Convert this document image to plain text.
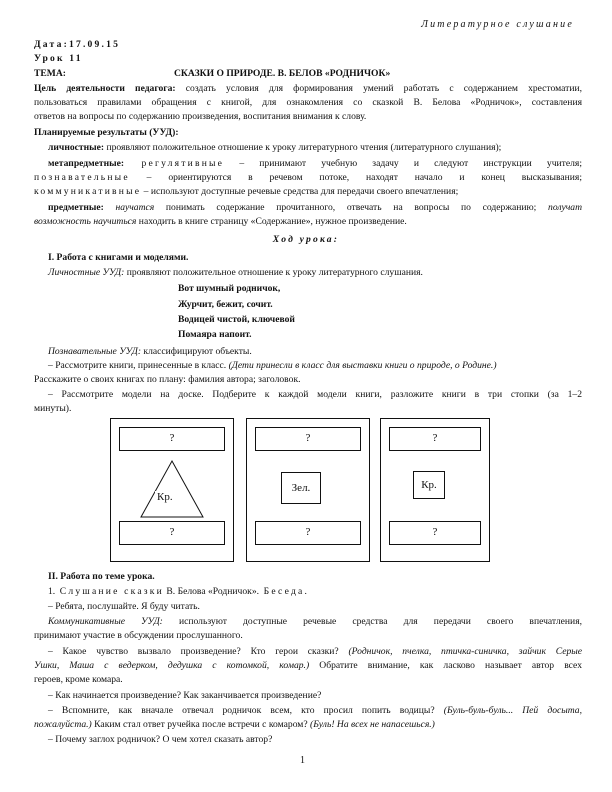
Литературное слушание
Дата:17.09.15
Урок 11
ТЕМА:	СКАЗКИ О ПРИРОДЕ. В. БЕЛОВ «РОДНИЧОК»
Цель деятельности педагога: создать условия для формирования умений работать с содержанием хрестоматии,
пользоваться правилами обращения с книгой, для ознакомления со сказкой В. Белова «Родничок», составления
ответов на вопросы по содержанию произведения, воспитания внимания к слову.
Планируемые результаты (УУД):
личностные: проявляют положительное отношение к уроку литературного чтения (литературного слушания);
метапредметные: регулятивные – принимают учебную задачу и следуют инструкции учителя;
познавательные – ориентируются в речевом потоке, находят начало и конец высказывания;
коммуникативные – используют доступные речевые средства для передачи своего впечатления;
предметные: научатся понимать содержание прочитанного, отвечать на вопросы по содержанию; получат
возможность научиться находить в книге страницу «Содержание», нужное произведение.
Ход урока:
I. Работа с книгами и моделями.
Личностные УУД: проявляют положительное отношение к уроку литературного слушания.
Вот шумный родничок,
Журчит, бежит, сочит.
Водицей чистой, ключевой
Помаяра напоит.
Познавательные УУД: классифицируют объекты.
– Рассмотрите книги, принесенные в класс. (Дети принесли в класс для выставки книги о природе, о Родине.)
Расскажите о своих книгах по плану: фамилия автора; заголовок.
– Рассмотрите модели на доске. Подберите к каждой модели книги, разложите книги в три стопки (за 1–2
минуты).
?
Кр.
?
?
Зел.
?
?
Кр.
?
II. Работа по теме урока.
1. Слушание сказки В. Белова «Родничок». Беседа.
– Ребята, послушайте. Я буду читать.
Коммуникативные УУД: используют доступные речевые средства для передачи своего впечатления,
принимают участие в обсуждении прослушанного.
– Какое чувство вызвало произведение? Кто герои сказки? (Родничок, пчелка, птичка-синичка, зайчик Серые
Ушки, Маша с ведерком, дедушка с котомкой, комар.) Обратите внимание, как ласково называет автор всех
героев, кроме комара.
– Как начинается произведение? Как заканчивается произведение?
– Вспомните, как вначале отвечал родничок всем, кто просил попить водицы? (Буль-буль-буль... Пей досыта,
пожалуйста.) Каким стал ответ ручейка после встречи с комаром? (Буль! На всех не напасешься.)
– Почему заглох родничок? О чем хотел сказать автор?
1
